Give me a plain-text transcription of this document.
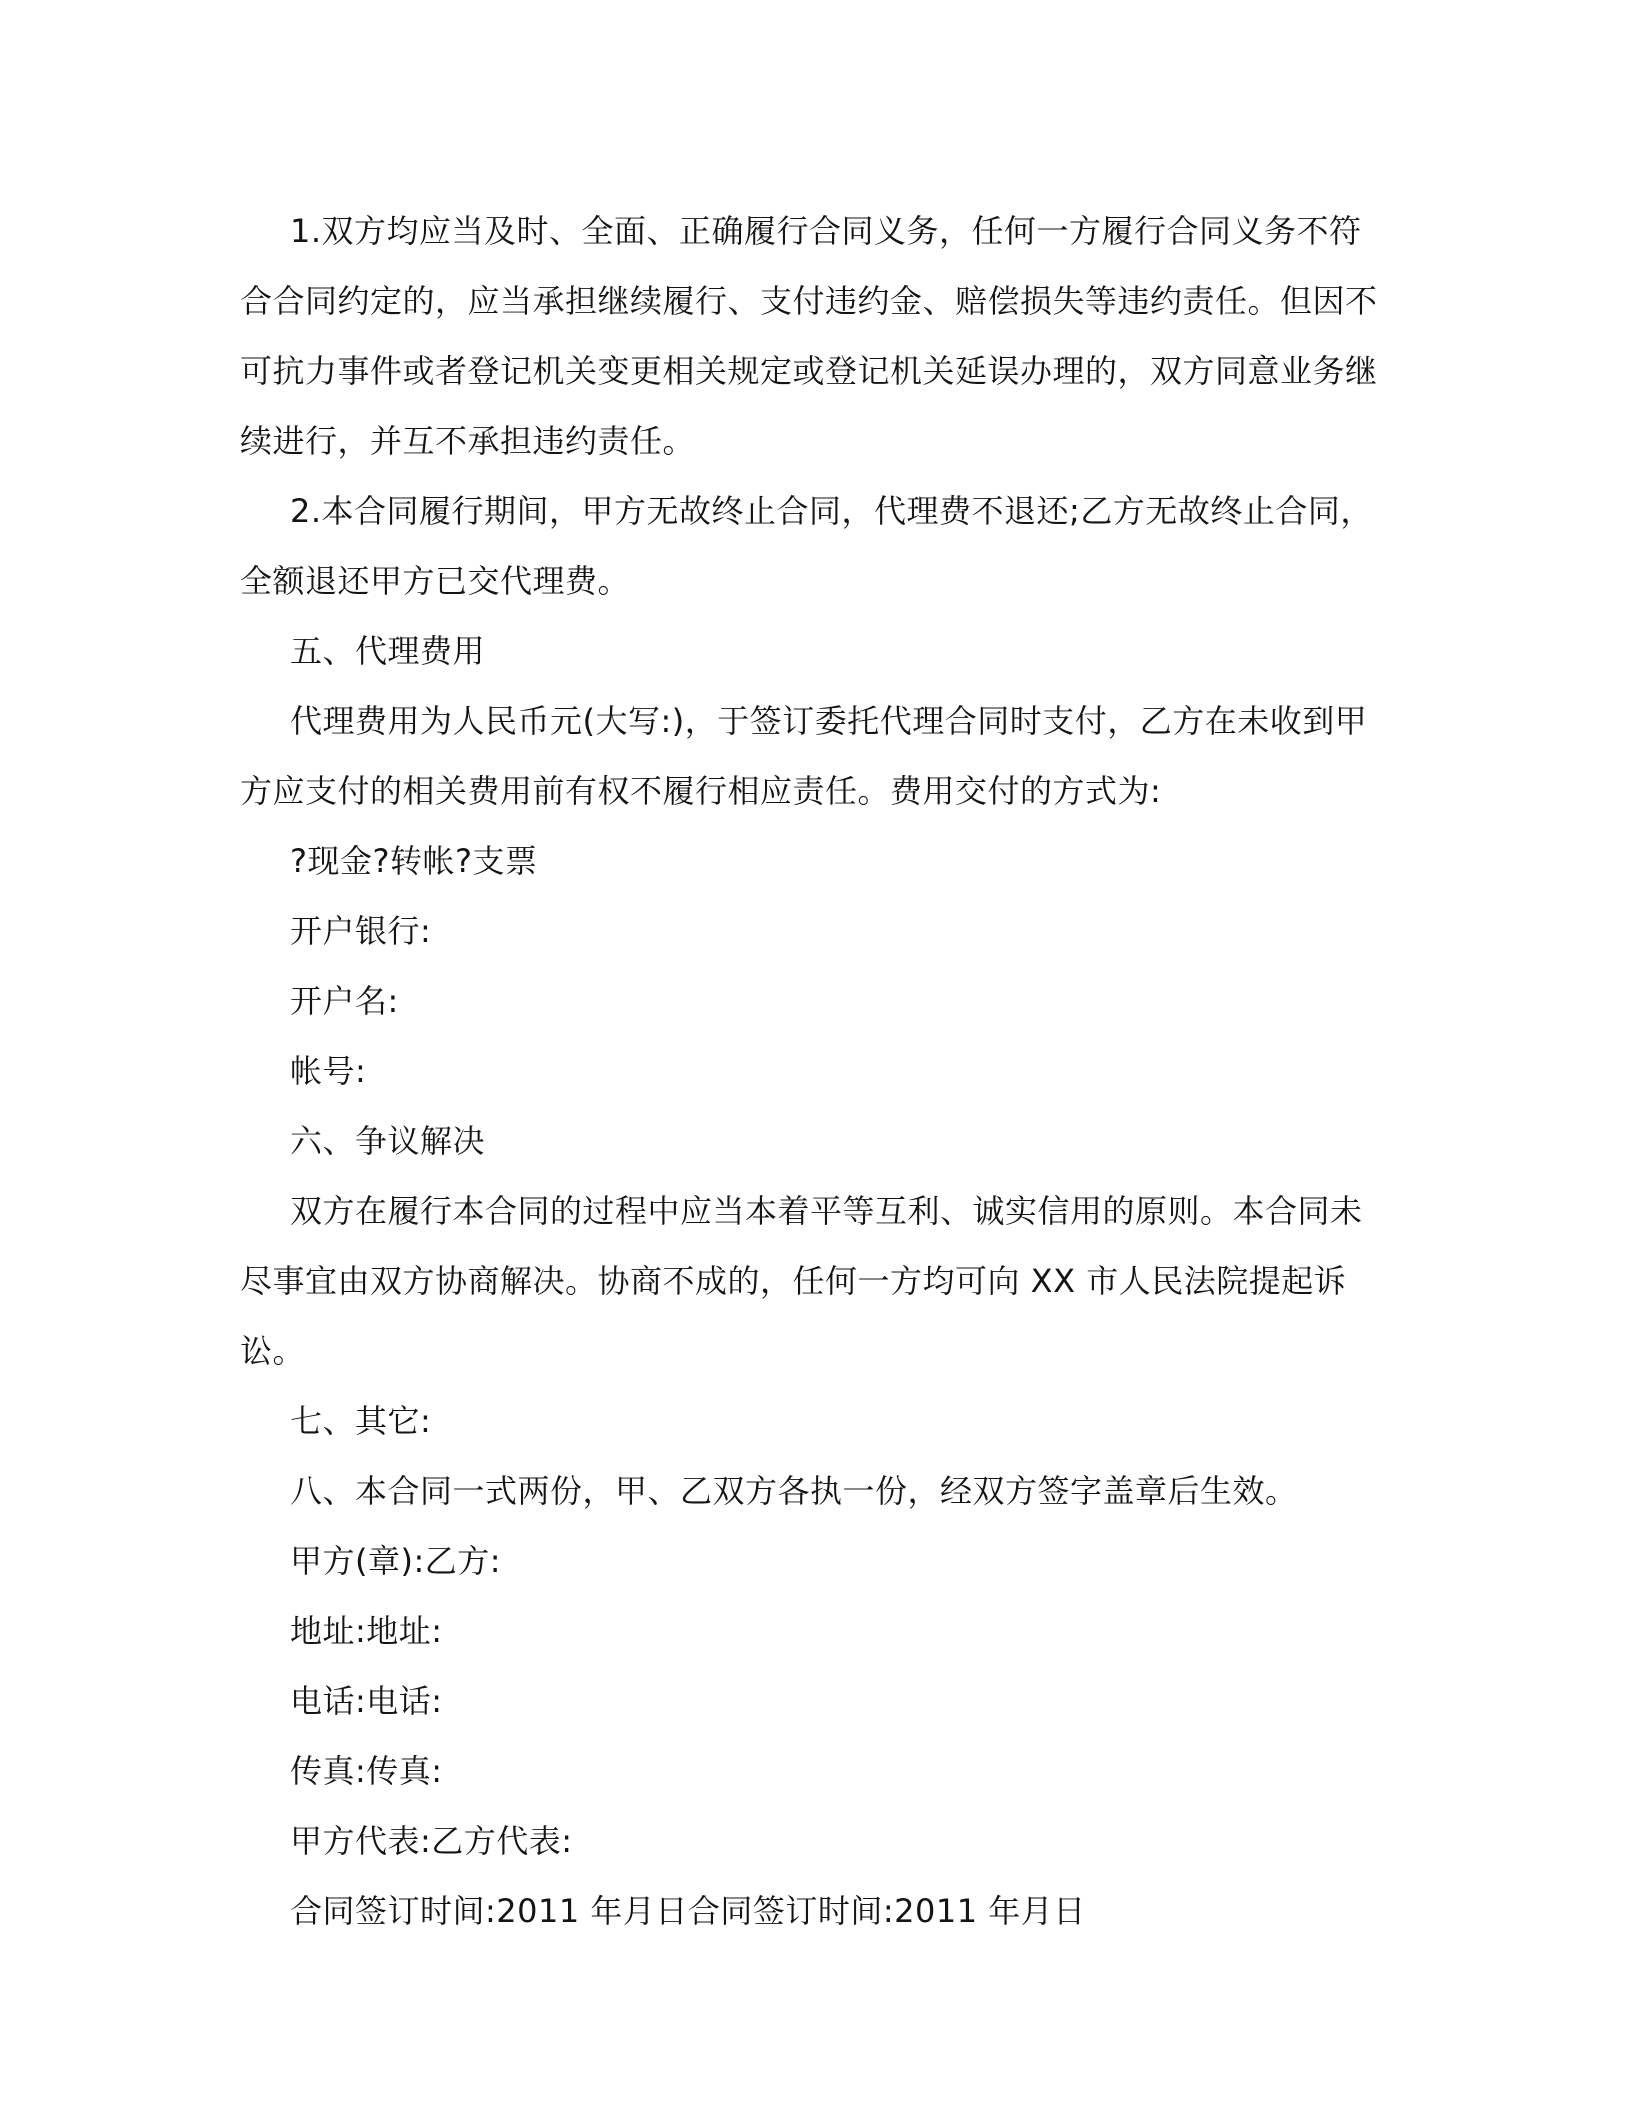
1.双方均应当及时、全面、正确履行合同义务，任何一方履行合同义务不符合合同约定的，应当承担继续履行、支付违约金、赔偿损失等违约责任。但因不可抗力事件或者登记机关变更相关规定或登记机关延误办理的，双方同意业务继续进行，并互不承担违约责任。

2.本合同履行期间，甲方无故终止合同，代理费不退还;乙方无故终止合同，全额退还甲方已交代理费。

五、代理费用

代理费用为人民币元(大写:)，于签订委托代理合同时支付，乙方在未收到甲方应支付的相关费用前有权不履行相应责任。费用交付的方式为:

?现金?转帐?支票

开户银行:

开户名:

帐号:

六、争议解决

双方在履行本合同的过程中应当本着平等互利、诚实信用的原则。本合同未尽事宜由双方协商解决。协商不成的，任何一方均可向 XX 市人民法院提起诉讼。

七、其它:

八、本合同一式两份，甲、乙双方各执一份，经双方签字盖章后生效。

甲方(章):乙方:

地址:地址:

电话:电话:

传真:传真:

甲方代表:乙方代表:

合同签订时间:2011 年月日合同签订时间:2011 年月日
